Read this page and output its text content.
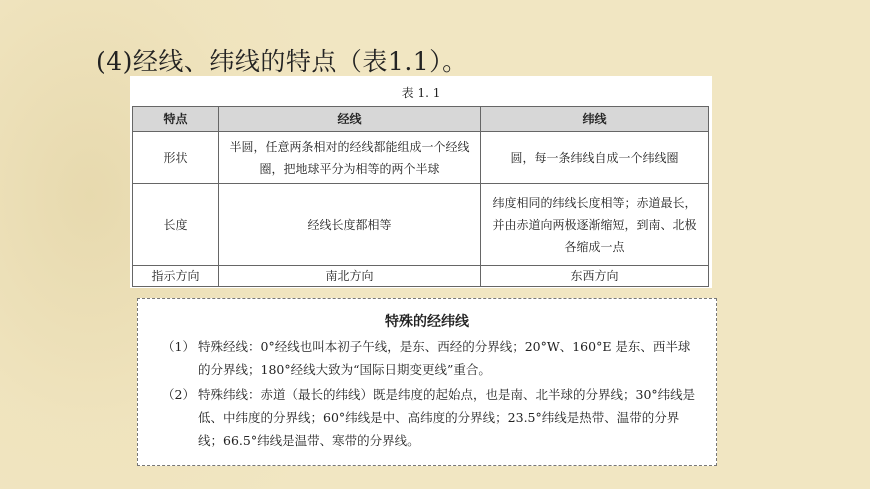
(4)经线、纬线的特点（表1.1）。
表 1. 1
特点	经线	纬线
形状	半圆，任意两条相对的经线都能组成一个经线圈，把地球平分为相等的两个半球	圆，每一条纬线自成一个纬线圈
长度	经线长度都相等	纬度相同的纬线长度相等；赤道最长，并由赤道向两极逐渐缩短，到南、北极各缩成一点
指示方向	南北方向	东西方向
特殊的经纬线
（1） 特殊经线：0°经线也叫本初子午线，是东、西经的分界线；20°W、160°E 是东、西半球的分界线；180°经线大致为“国际日期变更线”重合。
（2） 特殊纬线：赤道（最长的纬线）既是纬度的起始点，也是南、北半球的分界线；30°纬线是低、中纬度的分界线；60°纬线是中、高纬度的分界线；23.5°纬线是热带、温带的分界线；66.5°纬线是温带、寒带的分界线。
